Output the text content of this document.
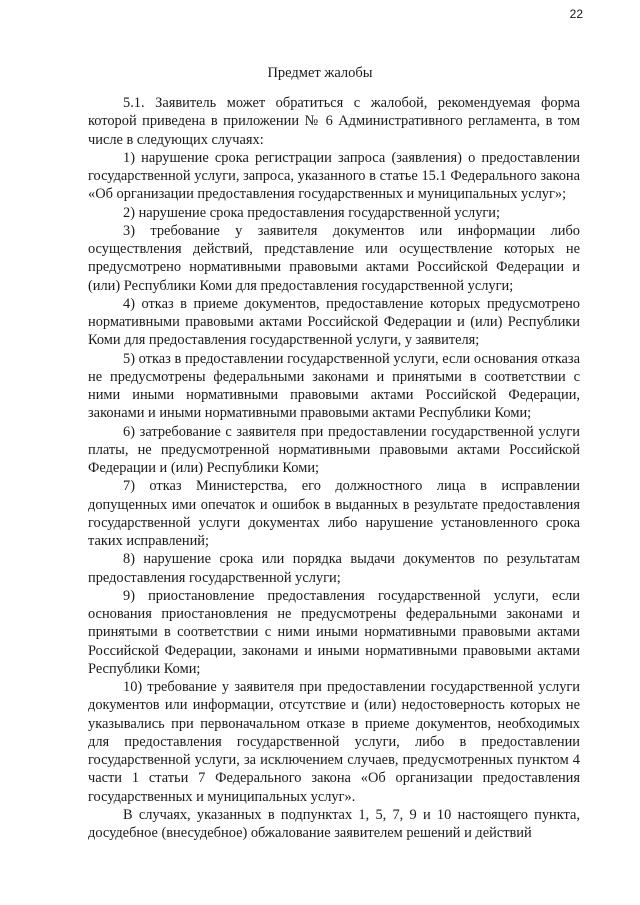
22
Предмет жалобы

5.1. Заявитель может обратиться с жалобой, рекомендуемая форма которой приведена в приложении № 6 Административного регламента, в том числе в следующих случаях:

1) нарушение срока регистрации запроса (заявления) о предоставлении государственной услуги, запроса, указанного в статье 15.1 Федерального закона «Об организации предоставления государственных и муниципальных услуг»;

2) нарушение срока предоставления государственной услуги;

3) требование у заявителя документов или информации либо осуществления действий, представление или осуществление которых не предусмотрено нормативными правовыми актами Российской Федерации и (или) Республики Коми для предоставления государственной услуги;

4) отказ в приеме документов, предоставление которых предусмотрено нормативными правовыми актами Российской Федерации и (или) Республики Коми для предоставления государственной услуги, у заявителя;

5) отказ в предоставлении государственной услуги, если основания отказа не предусмотрены федеральными законами и принятыми в соответствии с ними иными нормативными правовыми актами Российской Федерации, законами и иными нормативными правовыми актами Республики Коми;

6) затребование с заявителя при предоставлении государственной услуги платы, не предусмотренной нормативными правовыми актами Российской Федерации и (или) Республики Коми;

7) отказ Министерства, его должностного лица в исправлении допущенных ими опечаток и ошибок в выданных в результате предоставления государственной услуги документах либо нарушение установленного срока таких исправлений;

8) нарушение срока или порядка выдачи документов по результатам предоставления государственной услуги;

9) приостановление предоставления государственной услуги, если основания приостановления не предусмотрены федеральными законами и принятыми в соответствии с ними иными нормативными правовыми актами Российской Федерации, законами и иными нормативными правовыми актами Республики Коми;

10) требование у заявителя при предоставлении государственной услуги документов или информации, отсутствие и (или) недостоверность которых не указывались при первоначальном отказе в приеме документов, необходимых для предоставления государственной услуги, либо в предоставлении государственной услуги, за исключением случаев, предусмотренных пунктом 4 части 1 статьи 7 Федерального закона «Об организации предоставления государственных и муниципальных услуг».

В случаях, указанных в подпунктах 1, 5, 7, 9 и 10 настоящего пункта, досудебное (внесудебное) обжалование заявителем решений и действий
